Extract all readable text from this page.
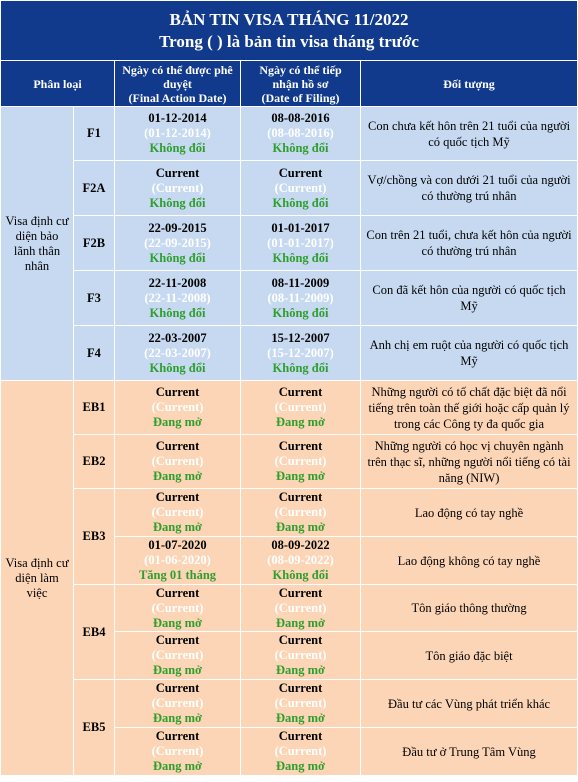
BẢN TIN VISA THÁNG 11/2022
Trong ( ) là bản tin visa tháng trước				

Phân loại		Ngày có thể được phê
duyệt
(Final Action Date)	Ngày có thể tiếp
nhận hồ sơ
(Date of Filing)	Đối tượng
Visa định cư diện bảo lãnh thân nhân	F1	01-12-2014
(01-12-2014)
Không đổi	08-08-2016
(08-08-2016)
Không đổi	Con chưa kết hôn trên 21 tuổi của người có quốc tịch Mỹ
	F2A	Current
(Current)
Không đổi	Current
(Current)
Không đổi	Vợ/chồng và con dưới 21 tuổi của người có thường trú nhân
	F2B	22-09-2015
(22-09-2015)
Không đổi	01-01-2017
(01-01-2017)
Không đổi	Con trên 21 tuổi, chưa kết hôn của người có thường trú nhân
	F3	22-11-2008
(22-11-2008)
Không đổi	08-11-2009
(08-11-2009)
Không đổi	Con đã kết hôn của người có quốc tịch Mỹ
	F4	22-03-2007
(22-03-2007)
Không đổi	15-12-2007
(15-12-2007)
Không đổi	Anh chị em ruột của người có quốc tịch Mỹ
Visa định cư diện làm việc	EB1	Current
(Current)
Đang mở	Current
(Current)
Đang mở	Những người có tố chất đặc biệt đã nổi tiếng trên toàn thế giới hoặc cấp quản lý trong các Công ty đa quốc gia
	EB2	Current
(Current)
Đang mở	Current
(Current)
Đang mở	Những người có học vị chuyên ngành trên thạc sĩ, những người nổi tiếng có tài năng (NIW)
	EB3	Current
(Current)
Đang mở	Current
(Current)
Đang mở	Lao động có tay nghề

		01-07-2020
(01-06-2020)
Tăng 01 tháng	08-09-2022
(08-09-2022)
Không đổi	Lao động không có tay nghề
	EB4	Current
(Current)
Đang mở	Current
(Current)
Đang mở	Tôn giáo thông thường

		Current
(Current)
Đang mở	Current
(Current)
Đang mở	Tôn giáo đặc biệt
	EB5	Current
(Current)
Đang mở	Current
(Current)
Đang mở	Đầu tư các Vùng phát triển khác

		Current
(Current)
Đang mở	Current
(Current)
Đang mở	Đầu tư ở Trung Tâm Vùng
